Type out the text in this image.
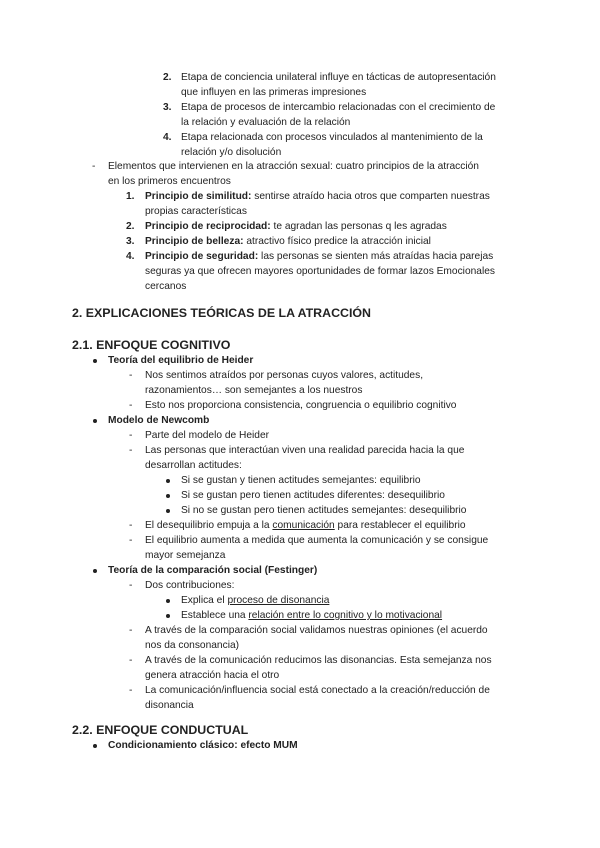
2. Etapa de conciencia unilateral influye en tácticas de autopresentación
que influyen en las primeras impresiones
3. Etapa de procesos de intercambio relacionadas con el crecimiento de
la relación y evaluación de la relación
4. Etapa relacionada con procesos vinculados al mantenimiento de la
relación y/o disolución
- Elementos que intervienen en la atracción sexual: cuatro principios de la atracción
en los primeros encuentros
1. Principio de similitud: sentirse atraído hacia otros que comparten nuestras
propias características
2. Principio de reciprocidad: te agradan las personas q les agradas
3. Principio de belleza: atractivo físico predice la atracción inicial
4. Principio de seguridad: las personas se sienten más atraídas hacia parejas
seguras ya que ofrecen mayores oportunidades de formar lazos Emocionales
cercanos
2. EXPLICACIONES TEÓRICAS DE LA ATRACCIÓN
2.1. ENFOQUE COGNITIVO
Teoría del equilibrio de Heider
- Nos sentimos atraídos por personas cuyos valores, actitudes,
razonamientos… son semejantes a los nuestros
- Esto nos proporciona consistencia, congruencia o equilibrio cognitivo
Modelo de Newcomb
- Parte del modelo de Heider
- Las personas que interactúan viven una realidad parecida hacia la que
desarrollan actitudes:
Si se gustan y tienen actitudes semejantes: equilibrio
Si se gustan pero tienen actitudes diferentes: desequilibrio
Si no se gustan pero tienen actitudes semejantes: desequilibrio
- El desequilibrio empuja a la comunicación para restablecer el equilibrio
- El equilibrio aumenta a medida que aumenta la comunicación y se consigue
mayor semejanza
Teoría de la comparación social (Festinger)
- Dos contribuciones:
Explica el proceso de disonancia
Establece una relación entre lo cognitivo y lo motivacional
- A través de la comparación social validamos nuestras opiniones (el acuerdo
nos da consonancia)
- A través de la comunicación reducimos las disonancias. Esta semejanza nos
genera atracción hacia el otro
- La comunicación/influencia social está conectado a la creación/reducción de
disonancia
2.2. ENFOQUE CONDUCTUAL
Condicionamiento clásico: efecto MUM
